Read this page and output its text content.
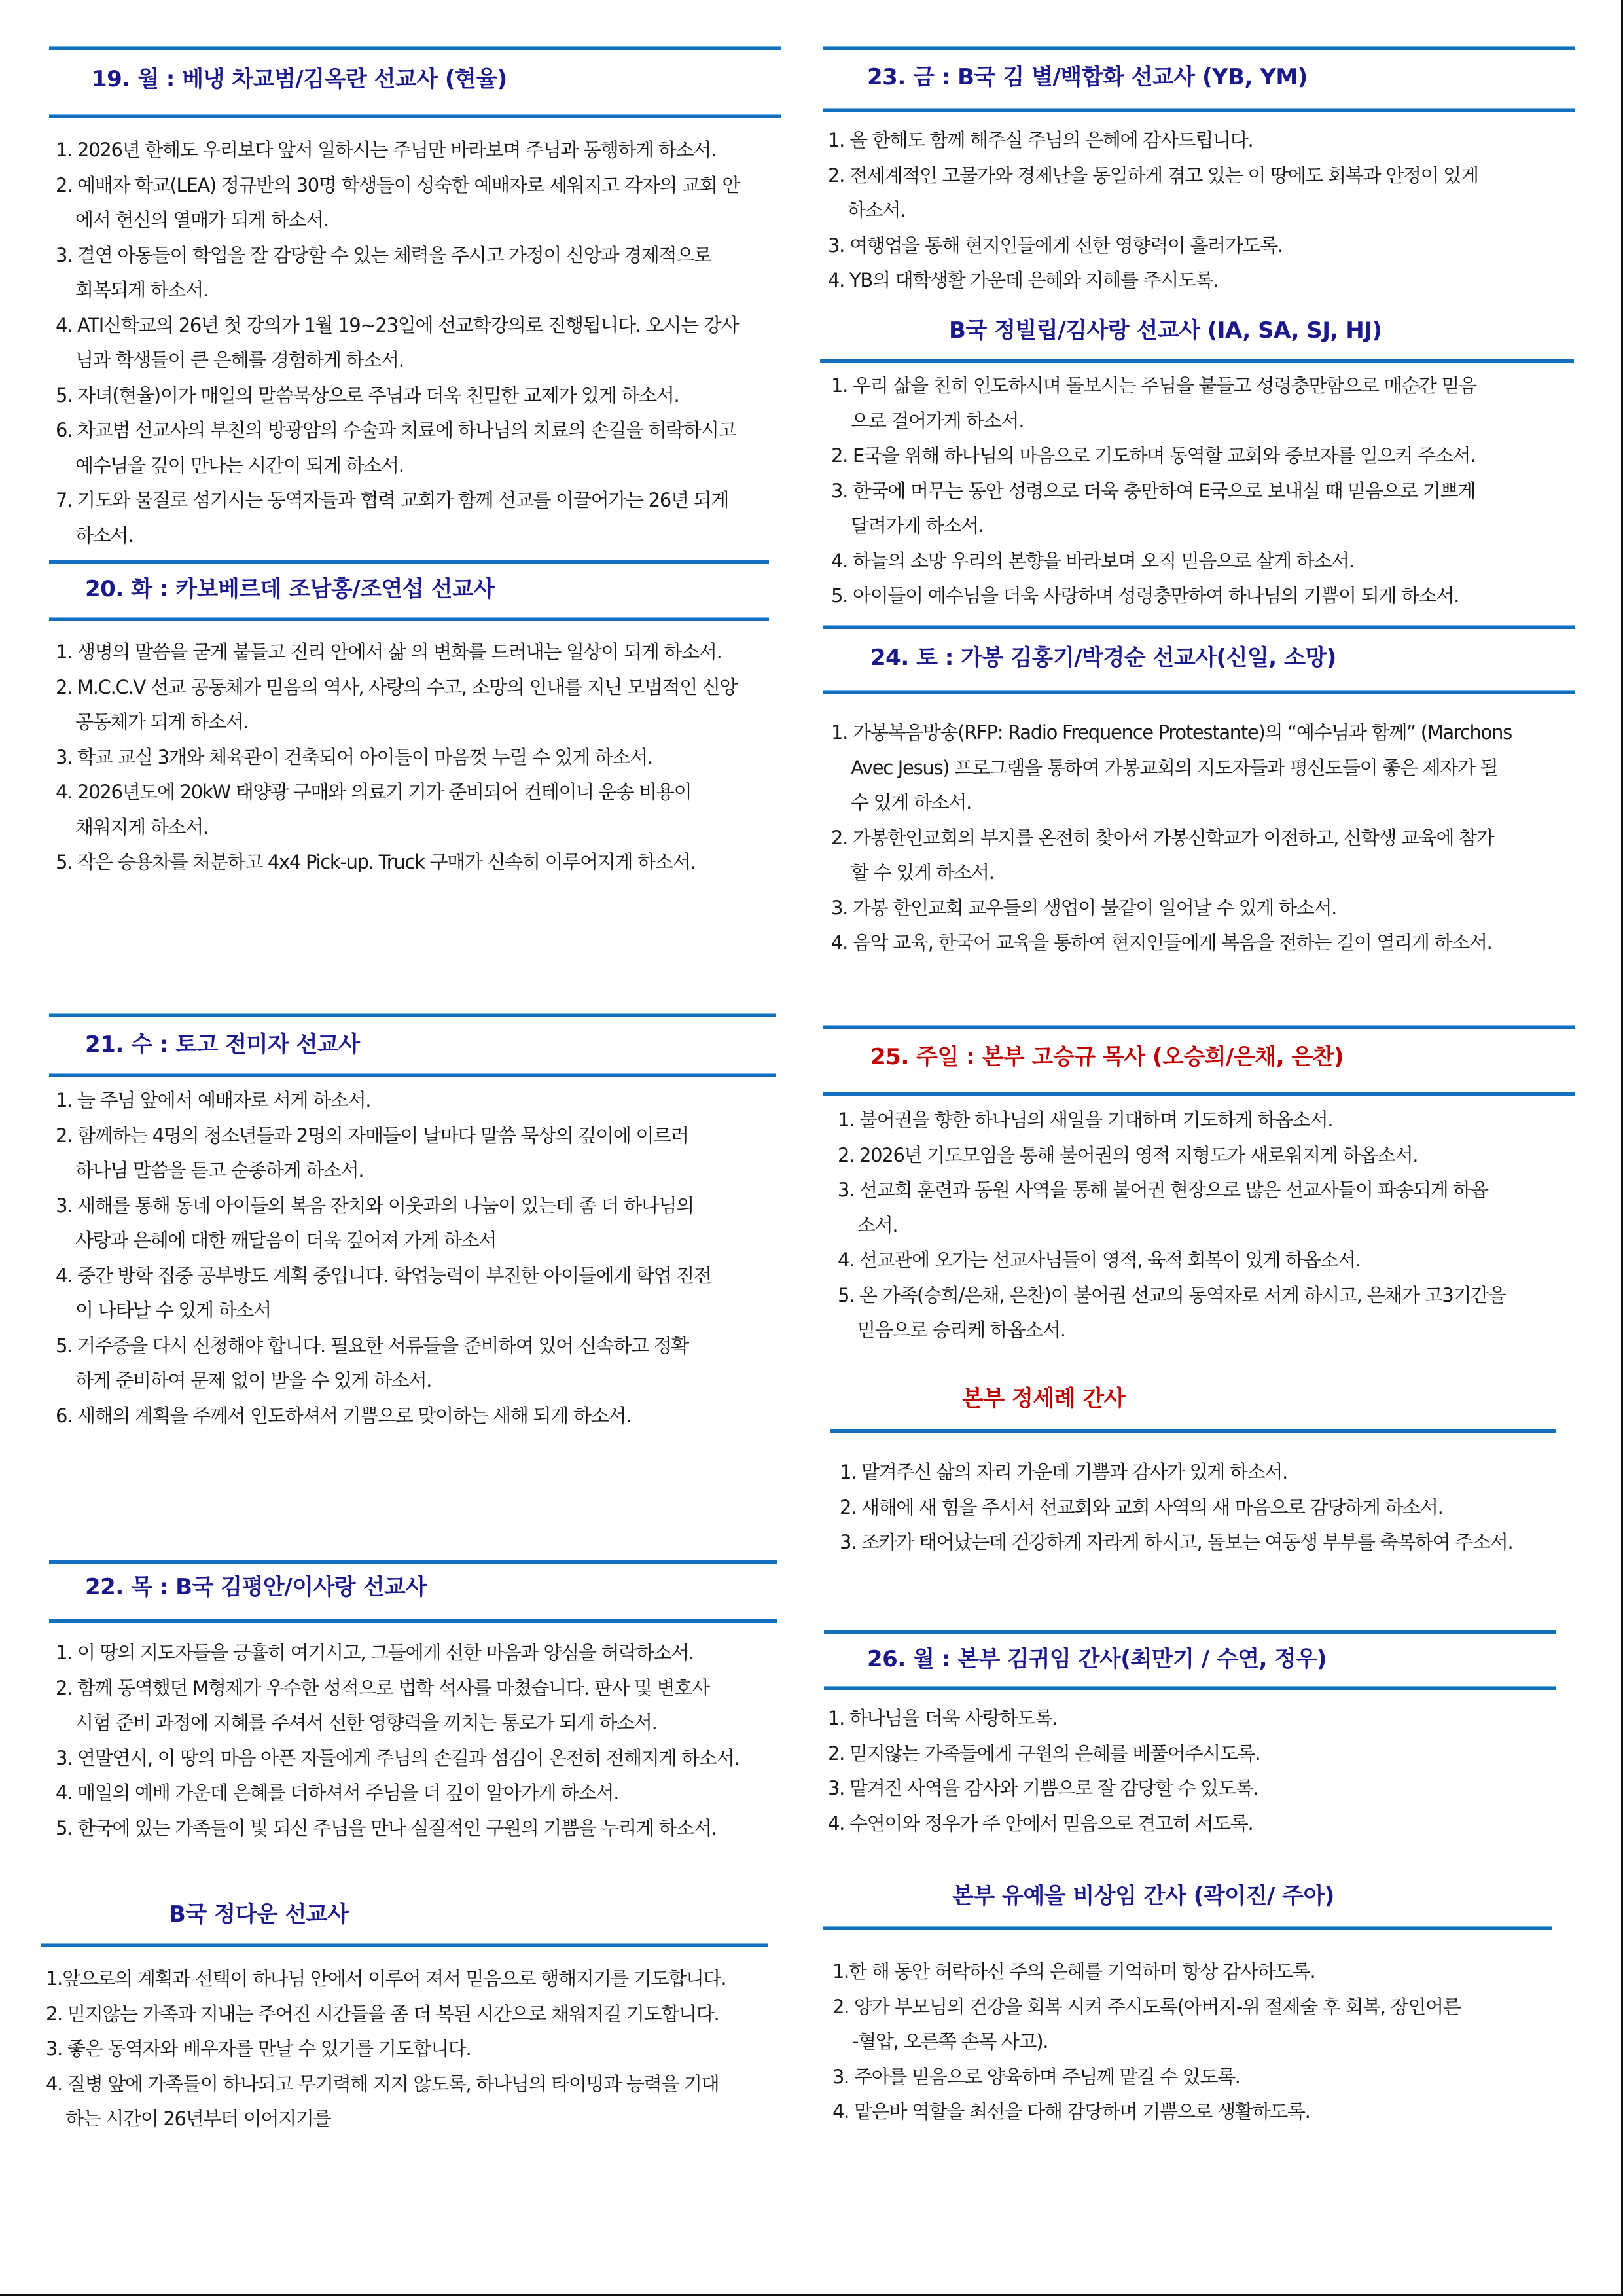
19. 월 : 베냉 차교범/김옥란 선교사 (현율)
1. 2026년 한해도 우리보다 앞서 일하시는 주님만 바라보며 주님과 동행하게 하소서.
2. 예배자 학교(LEA) 정규반의 30명 학생들이 성숙한 예배자로 세워지고 각자의 교회 안
에서 헌신의 열매가 되게 하소서.
3. 결연 아동들이 학업을 잘 감당할 수 있는 체력을 주시고 가정이 신앙과 경제적으로
회복되게 하소서.
4. ATI신학교의 26년 첫 강의가 1월 19~23일에 선교학강의로 진행됩니다. 오시는 강사
님과 학생들이 큰 은혜를 경험하게 하소서.
5. 자녀(현율)이가 매일의 말씀묵상으로 주님과 더욱 친밀한 교제가 있게 하소서.
6. 차교범 선교사의 부친의 방광암의 수술과 치료에 하나님의 치료의 손길을 허락하시고
예수님을 깊이 만나는 시간이 되게 하소서.
7. 기도와 물질로 섬기시는 동역자들과 협력 교회가 함께 선교를 이끌어가는 26년 되게
하소서.
20. 화 : 카보베르데 조남홍/조연섭 선교사
1. 생명의 말씀을 굳게 붙들고 진리 안에서 삶 의 변화를 드러내는 일상이 되게 하소서.
2. M.C.C.V 선교 공동체가 믿음의 역사, 사랑의 수고, 소망의 인내를 지닌 모범적인 신앙
공동체가 되게 하소서.
3. 학교 교실 3개와 체육관이 건축되어 아이들이 마음껏 누릴 수 있게 하소서.
4. 2026년도에 20kW 태양광 구매와 의료기 기가 준비되어 컨테이너 운송 비용이
채워지게 하소서.
5. 작은 승용차를 처분하고 4x4 Pick-up. Truck 구매가 신속히 이루어지게 하소서.
21. 수 : 토고 전미자 선교사
1. 늘 주님 앞에서 예배자로 서게 하소서.
2. 함께하는 4명의 청소년들과 2명의 자매들이 날마다 말씀 묵상의 깊이에 이르러
하나님 말씀을 듣고 순종하게 하소서.
3. 새해를 통해 동네 아이들의 복음 잔치와 이웃과의 나눔이 있는데 좀 더 하나님의
사랑과 은혜에 대한 깨달음이 더욱 깊어져 가게 하소서
4. 중간 방학 집중 공부방도 계획 중입니다. 학업능력이 부진한 아이들에게 학업 진전
이 나타날 수 있게 하소서
5. 거주증을 다시 신청해야 합니다. 필요한 서류들을 준비하여 있어 신속하고 정확
하게 준비하여 문제 없이 받을 수 있게 하소서.
6. 새해의 계획을 주께서 인도하셔서 기쁨으로 맞이하는 새해 되게 하소서.
22. 목 : B국 김평안/이사랑 선교사
1. 이 땅의 지도자들을 긍휼히 여기시고, 그들에게 선한 마음과 양심을 허락하소서.
2. 함께 동역했던 M형제가 우수한 성적으로 법학 석사를 마쳤습니다. 판사 및 변호사
시험 준비 과정에 지혜를 주셔서 선한 영향력을 끼치는 통로가 되게 하소서.
3. 연말연시, 이 땅의 마음 아픈 자들에게 주님의 손길과 섬김이 온전히 전해지게 하소서.
4. 매일의 예배 가운데 은혜를 더하셔서 주님을 더 깊이 알아가게 하소서.
5. 한국에 있는 가족들이 빛 되신 주님을 만나 실질적인 구원의 기쁨을 누리게 하소서.
B국 정다운 선교사
1.앞으로의 계획과 선택이 하나님 안에서 이루어 져서 믿음으로 행해지기를 기도합니다.
2. 믿지않는 가족과 지내는 주어진 시간들을 좀 더 복된 시간으로 채워지길 기도합니다.
3. 좋은 동역자와 배우자를 만날 수 있기를 기도합니다.
4. 질병 앞에 가족들이 하나되고 무기력해 지지 않도록, 하나님의 타이밍과 능력을 기대
하는 시간이 26년부터 이어지기를
23. 금 : B국 김 별/백합화 선교사 (YB, YM)
1. 올 한해도 함께 해주실 주님의 은혜에 감사드립니다.
2. 전세계적인 고물가와 경제난을 동일하게 겪고 있는 이 땅에도 회복과 안정이 있게
하소서.
3. 여행업을 통해 현지인들에게 선한 영향력이 흘러가도록.
4. YB의 대학생활 가운데 은혜와 지혜를 주시도록.
B국 정빌립/김사랑 선교사 (IA, SA, SJ, HJ)
1. 우리 삶을 친히 인도하시며 돌보시는 주님을 붙들고 성령충만함으로 매순간 믿음
으로 걸어가게 하소서.
2. E국을 위해 하나님의 마음으로 기도하며 동역할 교회와 중보자를 일으켜 주소서.
3. 한국에 머무는 동안 성령으로 더욱 충만하여 E국으로 보내실 때 믿음으로 기쁘게
달려가게 하소서.
4. 하늘의 소망 우리의 본향을 바라보며 오직 믿음으로 살게 하소서.
5. 아이들이 예수님을 더욱 사랑하며 성령충만하여 하나님의 기쁨이 되게 하소서.
24. 토 : 가봉 김홍기/박경순 선교사(신일, 소망)
1. 가봉복음방송(RFP: Radio Frequence Protestante)의 “예수님과 함께” (Marchons
Avec Jesus) 프로그램을 통하여 가봉교회의 지도자들과 평신도들이 좋은 제자가 될
수 있게 하소서.
2. 가봉한인교회의 부지를 온전히 찾아서 가봉신학교가 이전하고, 신학생 교육에 참가
할 수 있게 하소서.
3. 가봉 한인교회 교우들의 생업이 불같이 일어날 수 있게 하소서.
4. 음악 교육, 한국어 교육을 통하여 현지인들에게 복음을 전하는 길이 열리게 하소서.
25. 주일 : 본부 고승규 목사 (오승희/은채, 은찬)
1. 불어권을 향한 하나님의 새일을 기대하며 기도하게 하옵소서.
2. 2026년 기도모임을 통해 불어권의 영적 지형도가 새로워지게 하옵소서.
3. 선교회 훈련과 동원 사역을 통해 불어권 현장으로 많은 선교사들이 파송되게 하옵
소서.
4. 선교관에 오가는 선교사님들이 영적, 육적 회복이 있게 하옵소서.
5. 온 가족(승희/은채, 은찬)이 불어권 선교의 동역자로 서게 하시고, 은채가 고3기간을
믿음으로 승리케 하옵소서.
본부 정세례 간사
1. 맡겨주신 삶의 자리 가운데 기쁨과 감사가 있게 하소서.
2. 새해에 새 힘을 주셔서 선교회와 교회 사역의 새 마음으로 감당하게 하소서.
3. 조카가 태어났는데 건강하게 자라게 하시고, 돌보는 여동생 부부를 축복하여 주소서.
26. 월 : 본부 김귀임 간사(최만기 / 수연, 정우)
1. 하나님을 더욱 사랑하도록.
2. 믿지않는 가족들에게 구원의 은혜를 베풀어주시도록.
3. 맡겨진 사역을 감사와 기쁨으로 잘 감당할 수 있도록.
4. 수연이와 정우가 주 안에서 믿음으로 견고히 서도록.
본부 유예을 비상임 간사 (곽이진/ 주아)
1.한 해 동안 허락하신 주의 은혜를 기억하며 항상 감사하도록.
2. 양가 부모님의 건강을 회복 시켜 주시도록(아버지-위 절제술 후 회복, 장인어른
-혈압, 오른쪽 손목 사고).
3. 주아를 믿음으로 양육하며 주님께 맡길 수 있도록.
4. 맡은바 역할을 최선을 다해 감당하며 기쁨으로 생활하도록.
